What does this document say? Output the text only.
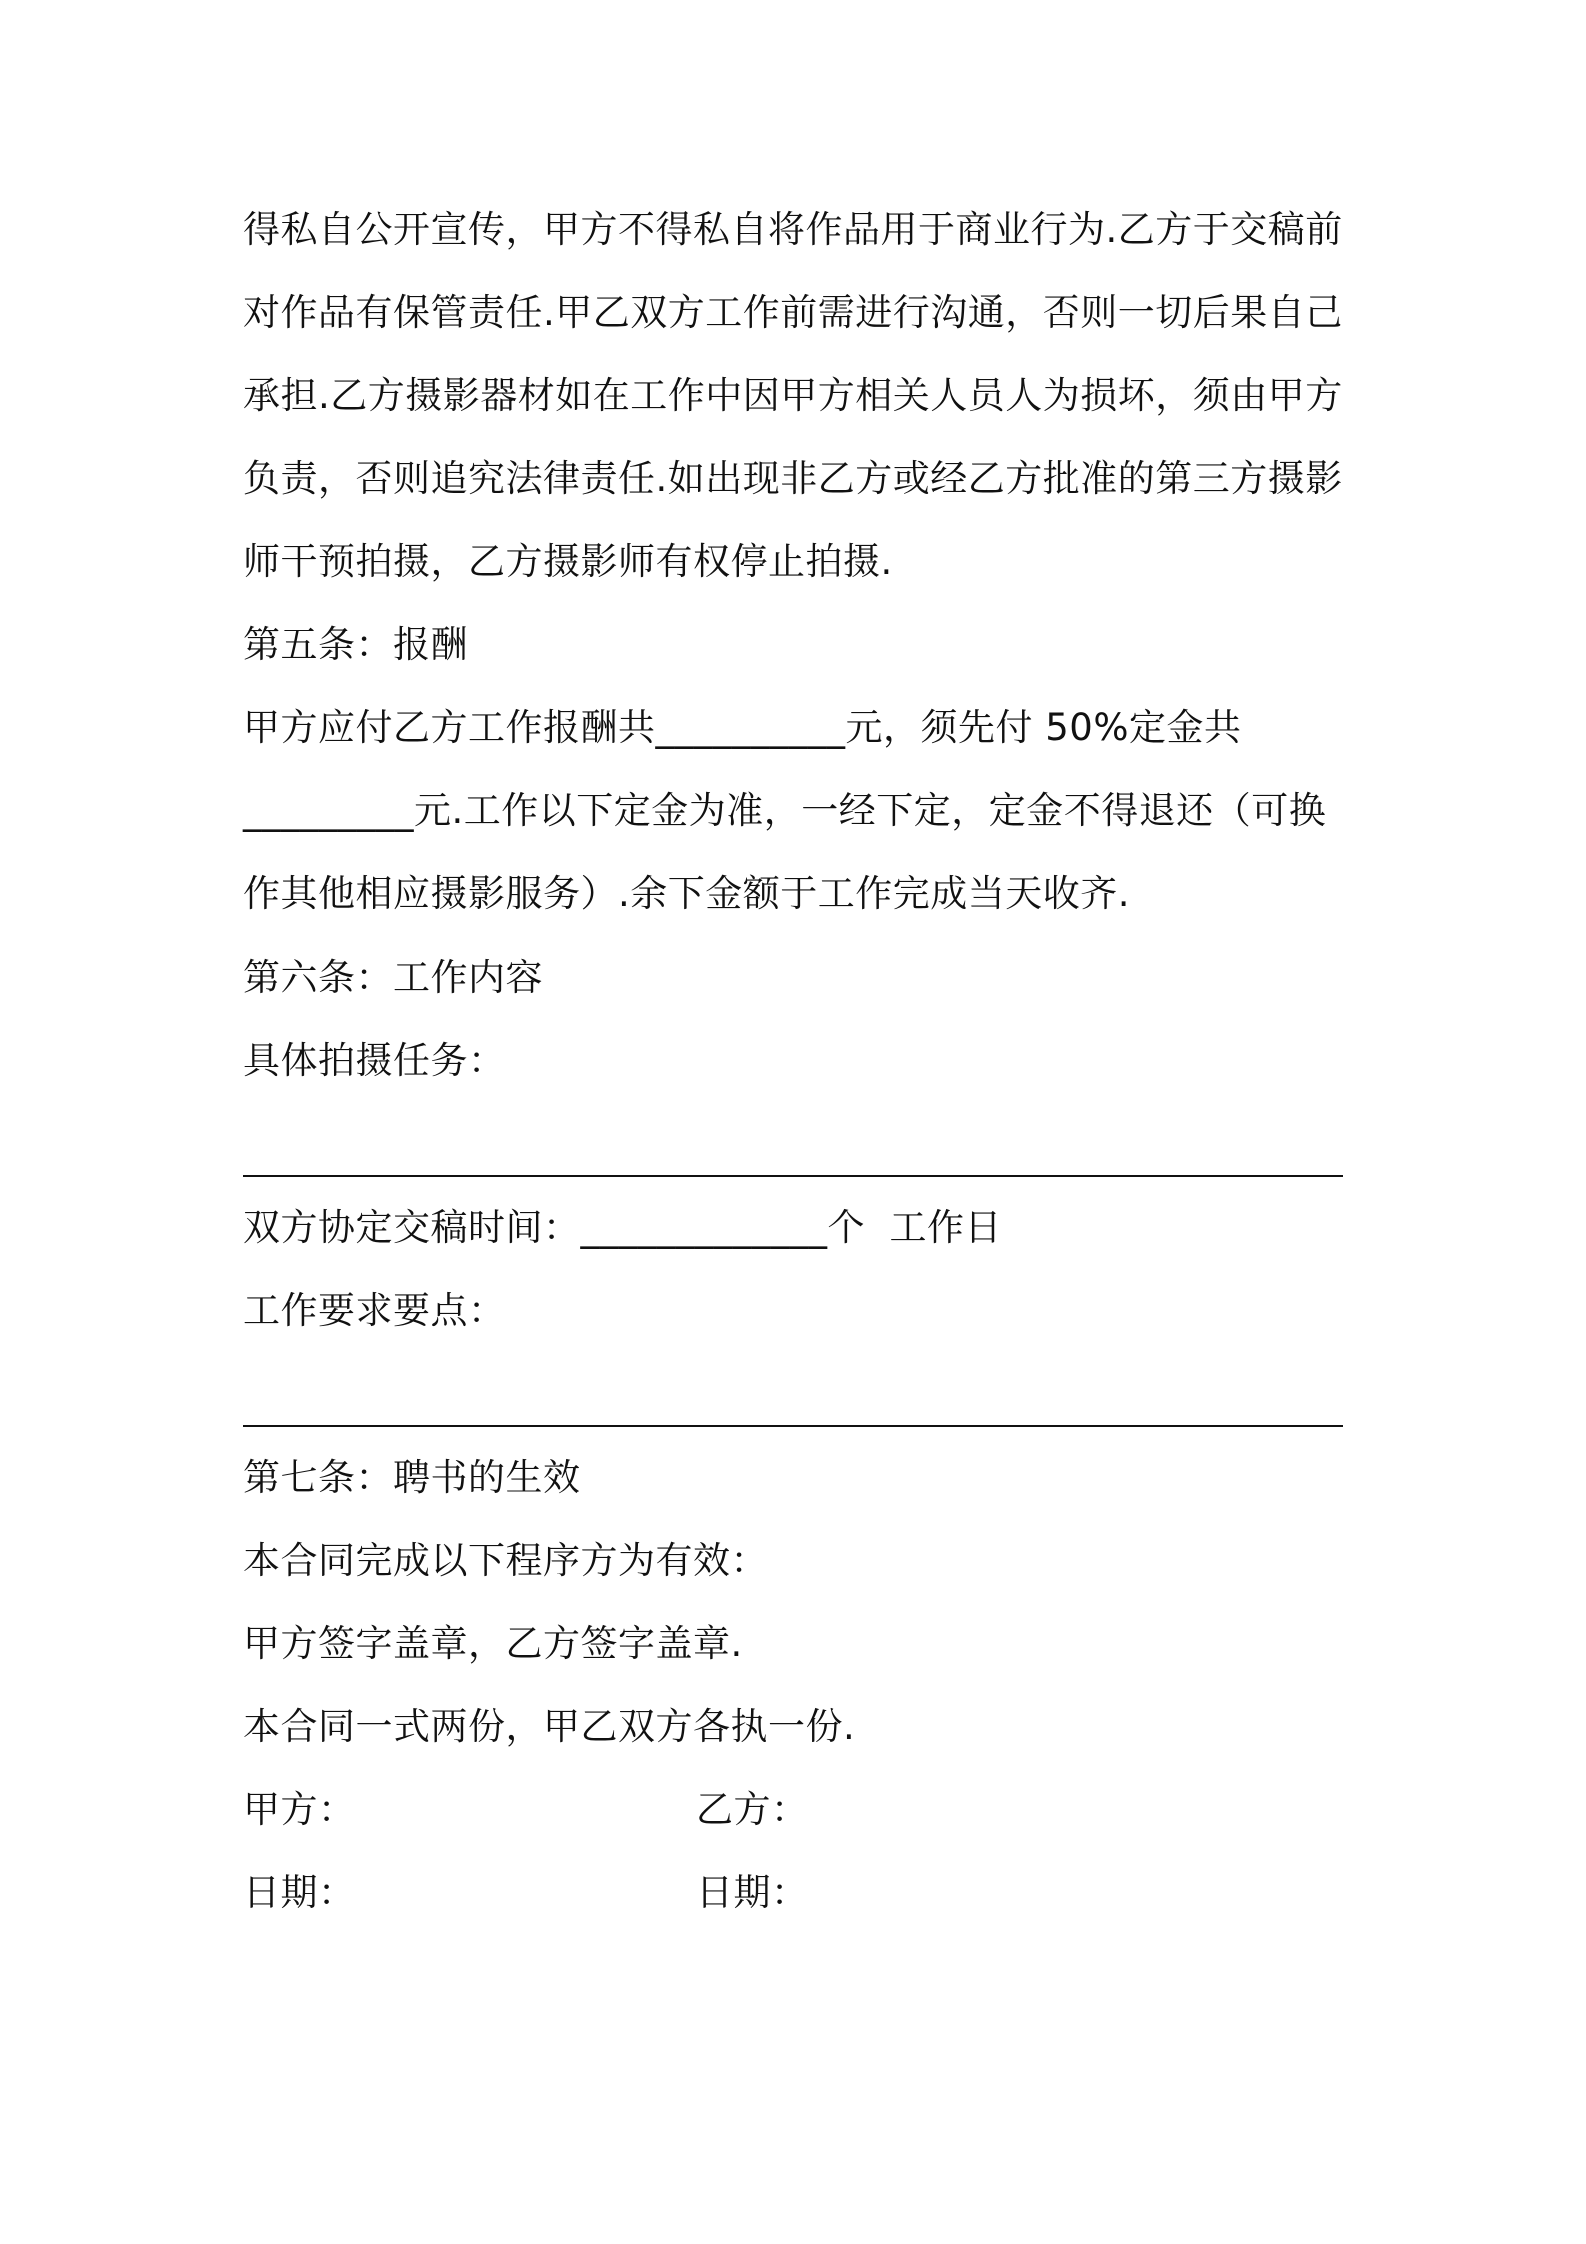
得私自公开宣传，甲方不得私自将作品用于商业行为.乙方于交稿前
对作品有保管责任.甲乙双方工作前需进行沟通，否则一切后果自己
承担.乙方摄影器材如在工作中因甲方相关人员人为损坏，须由甲方
负责，否则追究法律责任.如出现非乙方或经乙方批准的第三方摄影
师干预拍摄，乙方摄影师有权停止拍摄.
第五条：报酬
甲方应付乙方工作报酬共__________元，须先付 50%定金共
_________元.工作以下定金为准，一经下定，定金不得退还（可换
作其他相应摄影服务）.余下金额于工作完成当天收齐.
第六条：工作内容
具体拍摄任务：
双方协定交稿时间：_____________个  工作日
工作要求要点：
第七条：聘书的生效
本合同完成以下程序方为有效：
甲方签字盖章，乙方签字盖章.
本合同一式两份，甲乙双方各执一份.
甲方：	乙方：
日期：	日期：
